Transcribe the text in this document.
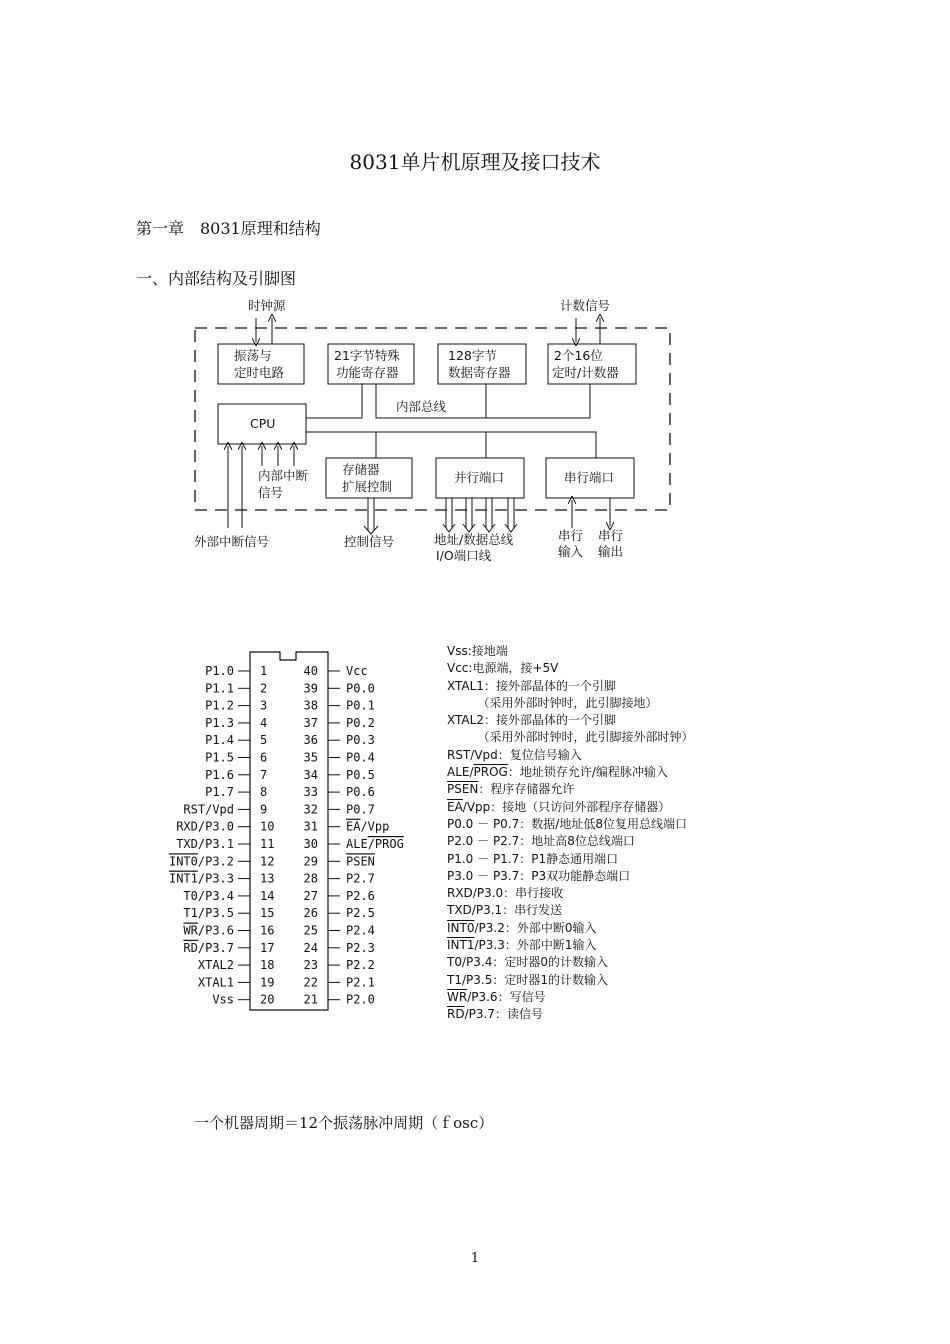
8031单片机原理及接口技术
第一章　8031原理和结构
一、内部结构及引脚图
时钟源	计数信号
振荡与
定时电路
21字节特殊
功能寄存器
128字节
数据寄存器
2个16位
定时/计数器
内部总线
CPU
存储器
扩展控制
并行端口	串行端口
内部中断
信号
外部中断信号	控制信号	地址/数据总线
I/O端口线
串行
输入
串行
输出
P1.0 1	40 Vcc
P1.1 2	39 P0.0
P1.2 3	38 P0.1
P1.3 4	37 P0.2
P1.4 5	36 P0.3
P1.5 6	35 P0.4
P1.6 7	34 P0.5
P1.7 8	33 P0.6
RST/Vpd 9	32 P0.7
RXD/P3.0 10 31 EA/Vpp
TXD/P3.1 11 30 ALE/PROG
INT0/P3.2 12 29 PSEN
INT1/P3.3 13 28 P2.7
T0/P3.4 14 27 P2.6
T1/P3.5 15 26 P2.5
WR/P3.6 16 25 P2.4
RD/P3.7 17 24 P2.3
XTAL2 18 23 P2.2
XTAL1 19 22 P2.1
Vss 20 21 P2.0
Vss:接地端
Vcc:电源端，接+5V
XTAL1：接外部晶体的一个引脚
（采用外部时钟时，此引脚接地）
XTAL2：接外部晶体的一个引脚
（采用外部时钟时，此引脚接外部时钟）
RST/Vpd：复位信号输入
ALE/PROG：地址锁存允许/编程脉冲输入
PSEN：程序存储器允许
$\overline{EA}$/Vpp：接地（只访问外部程序存储器）
P0.0 － P0.7：数据/地址低8位复用总线端口
P2.0 － P2.7：地址高8位总线端口
P1.0 － P1.7：P1静态通用端口
P3.0 － P3.7：P3双功能静态端口
RXD/P3.0：串行接收
TXD/P3.1：串行发送
INT0/P3.2：外部中断0输入
INT1/P3.3：外部中断1输入
T0/P3.4：定时器0的计数输入
T1/P3.5：定时器1的计数输入
$\overline{WR}/P3.6$：写信号
$\overline{RD}/P3.7$：读信号
一个机器周期＝12个振荡脉冲周期（ｆosc）
1
